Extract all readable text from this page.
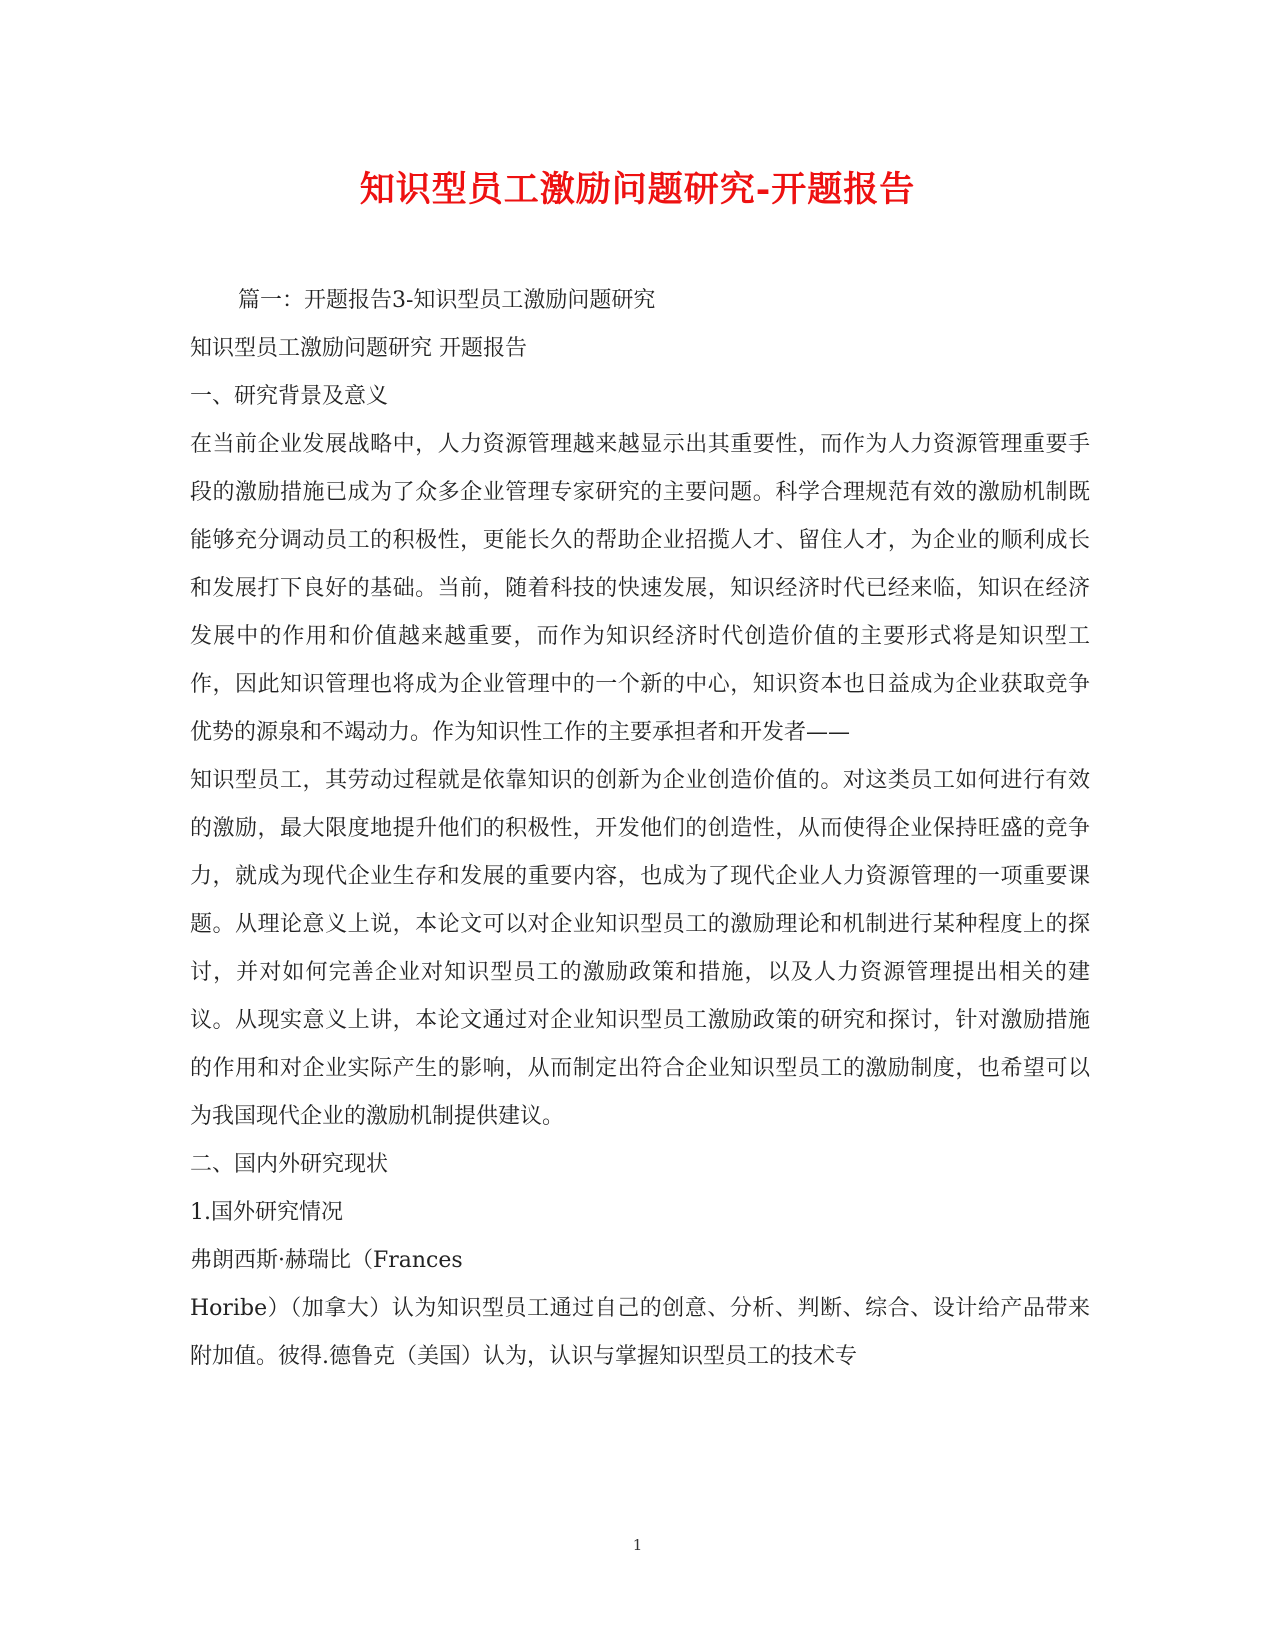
知识型员工激励问题研究-开题报告

篇一：开题报告3-知识型员工激励问题研究

知识型员工激励问题研究 开题报告

一、研究背景及意义

在当前企业发展战略中，人力资源管理越来越显示出其重要性，而作为人力资源管理重要手段的激励措施已成为了众多企业管理专家研究的主要问题。科学合理规范有效的激励机制既能够充分调动员工的积极性，更能长久的帮助企业招揽人才、留住人才，为企业的顺利成长和发展打下良好的基础。当前，随着科技的快速发展，知识经济时代已经来临，知识在经济发展中的作用和价值越来越重要，而作为知识经济时代创造价值的主要形式将是知识型工作，因此知识管理也将成为企业管理中的一个新的中心，知识资本也日益成为企业获取竞争优势的源泉和不竭动力。作为知识性工作的主要承担者和开发者——

知识型员工，其劳动过程就是依靠知识的创新为企业创造价值的。对这类员工如何进行有效的激励，最大限度地提升他们的积极性，开发他们的创造性，从而使得企业保持旺盛的竞争力，就成为现代企业生存和发展的重要内容，也成为了现代企业人力资源管理的一项重要课题。从理论意义上说，本论文可以对企业知识型员工的激励理论和机制进行某种程度上的探讨，并对如何完善企业对知识型员工的激励政策和措施，以及人力资源管理提出相关的建议。从现实意义上讲，本论文通过对企业知识型员工激励政策的研究和探讨，针对激励措施的作用和对企业实际产生的影响，从而制定出符合企业知识型员工的激励制度，也希望可以为我国现代企业的激励机制提供建议。

二、国内外研究现状

1.国外研究情况

弗朗西斯·赫瑞比（Frances

Horibe）（加拿大）认为知识型员工通过自己的创意、分析、判断、综合、设计给产品带来附加值。彼得.德鲁克（美国）认为，认识与掌握知识型员工的技术专

1
